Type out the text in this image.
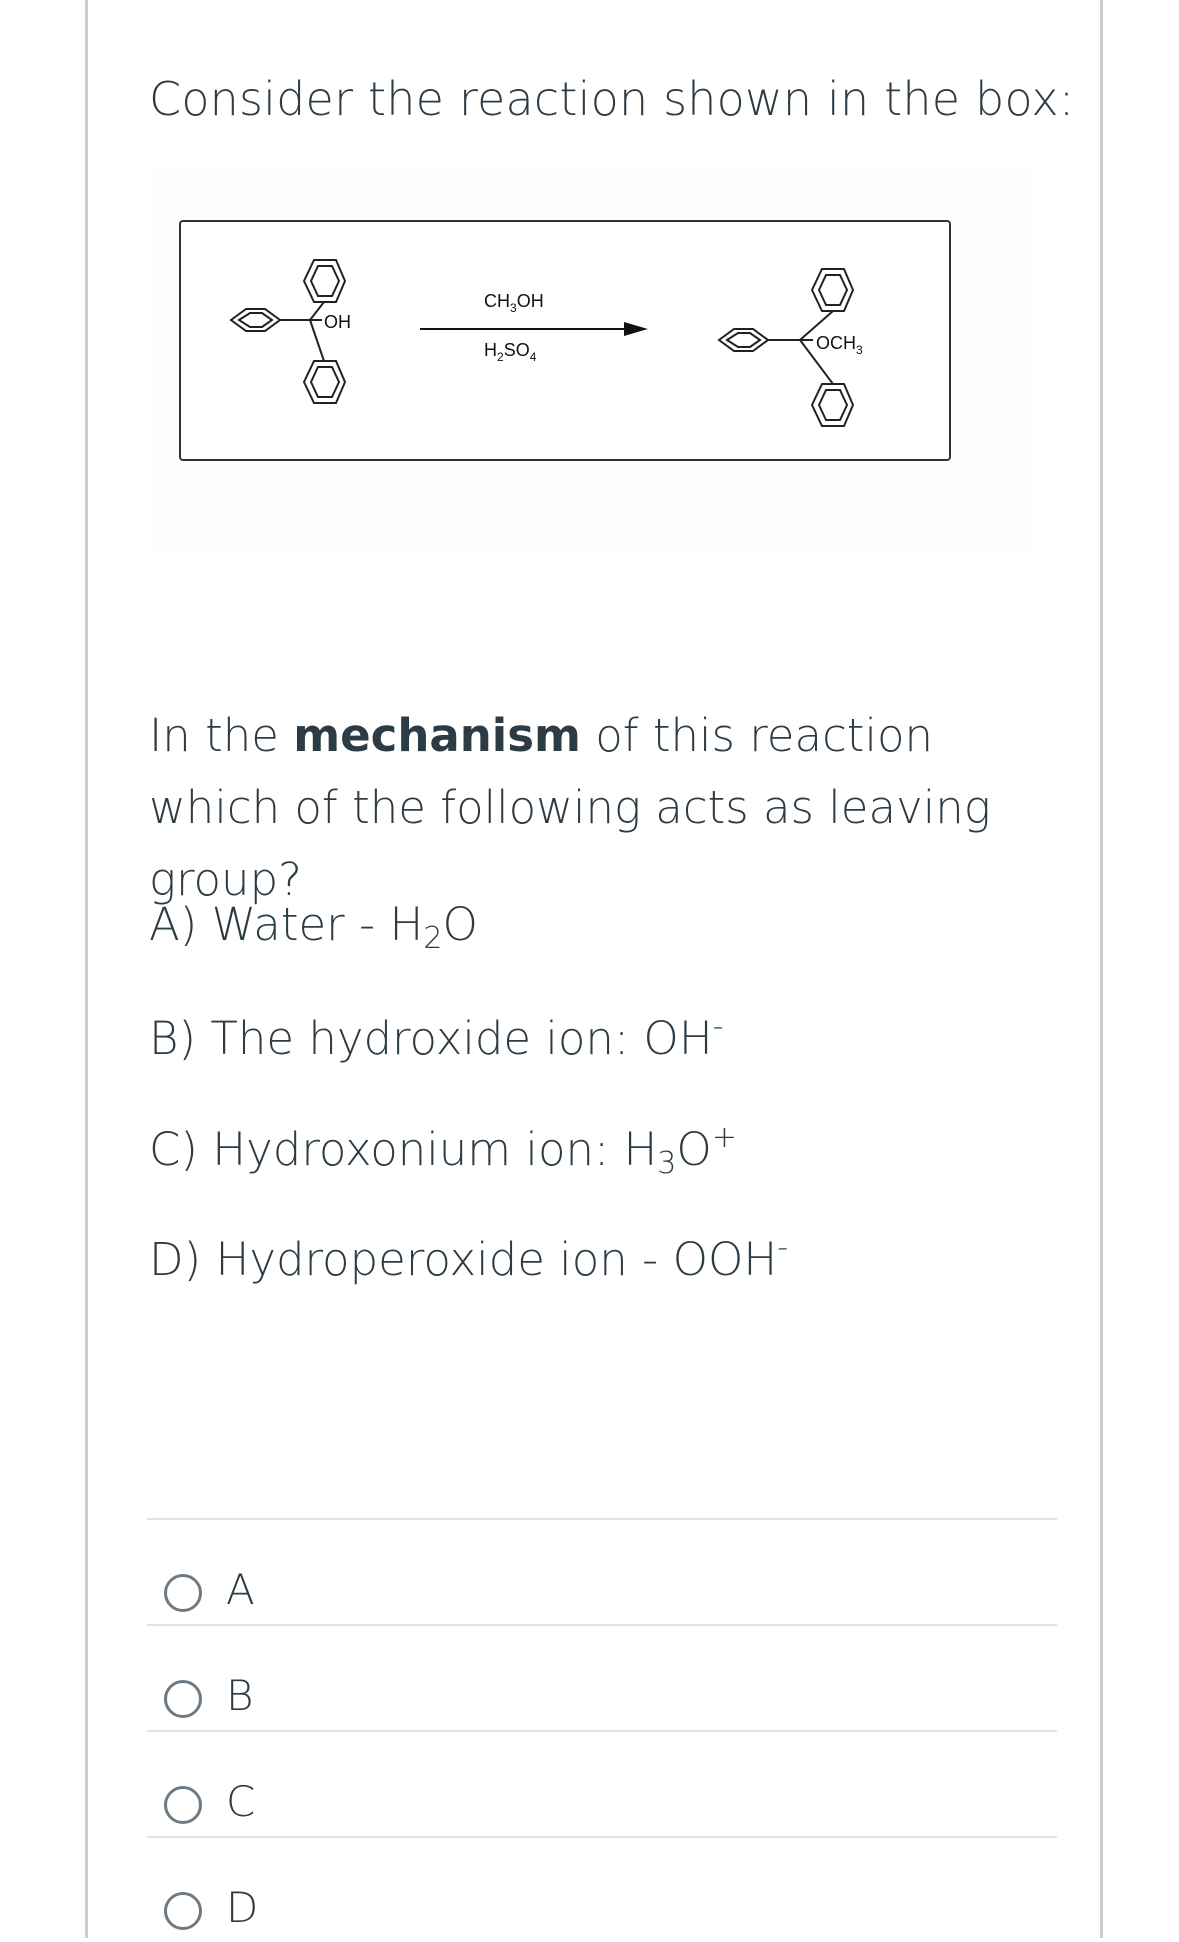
Consider the reaction shown in the box:
OH
$CH_3OH$
$H_2SO_4$
$OCH_3$
In the mechanism of this reaction which of the following acts as leaving group?
A) Water - $H_2O$
B) The hydroxide ion: OH-
C) Hydroxonium ion: $H_3O^+$
D) Hydroperoxide ion - OOH-
A
B
C
D
